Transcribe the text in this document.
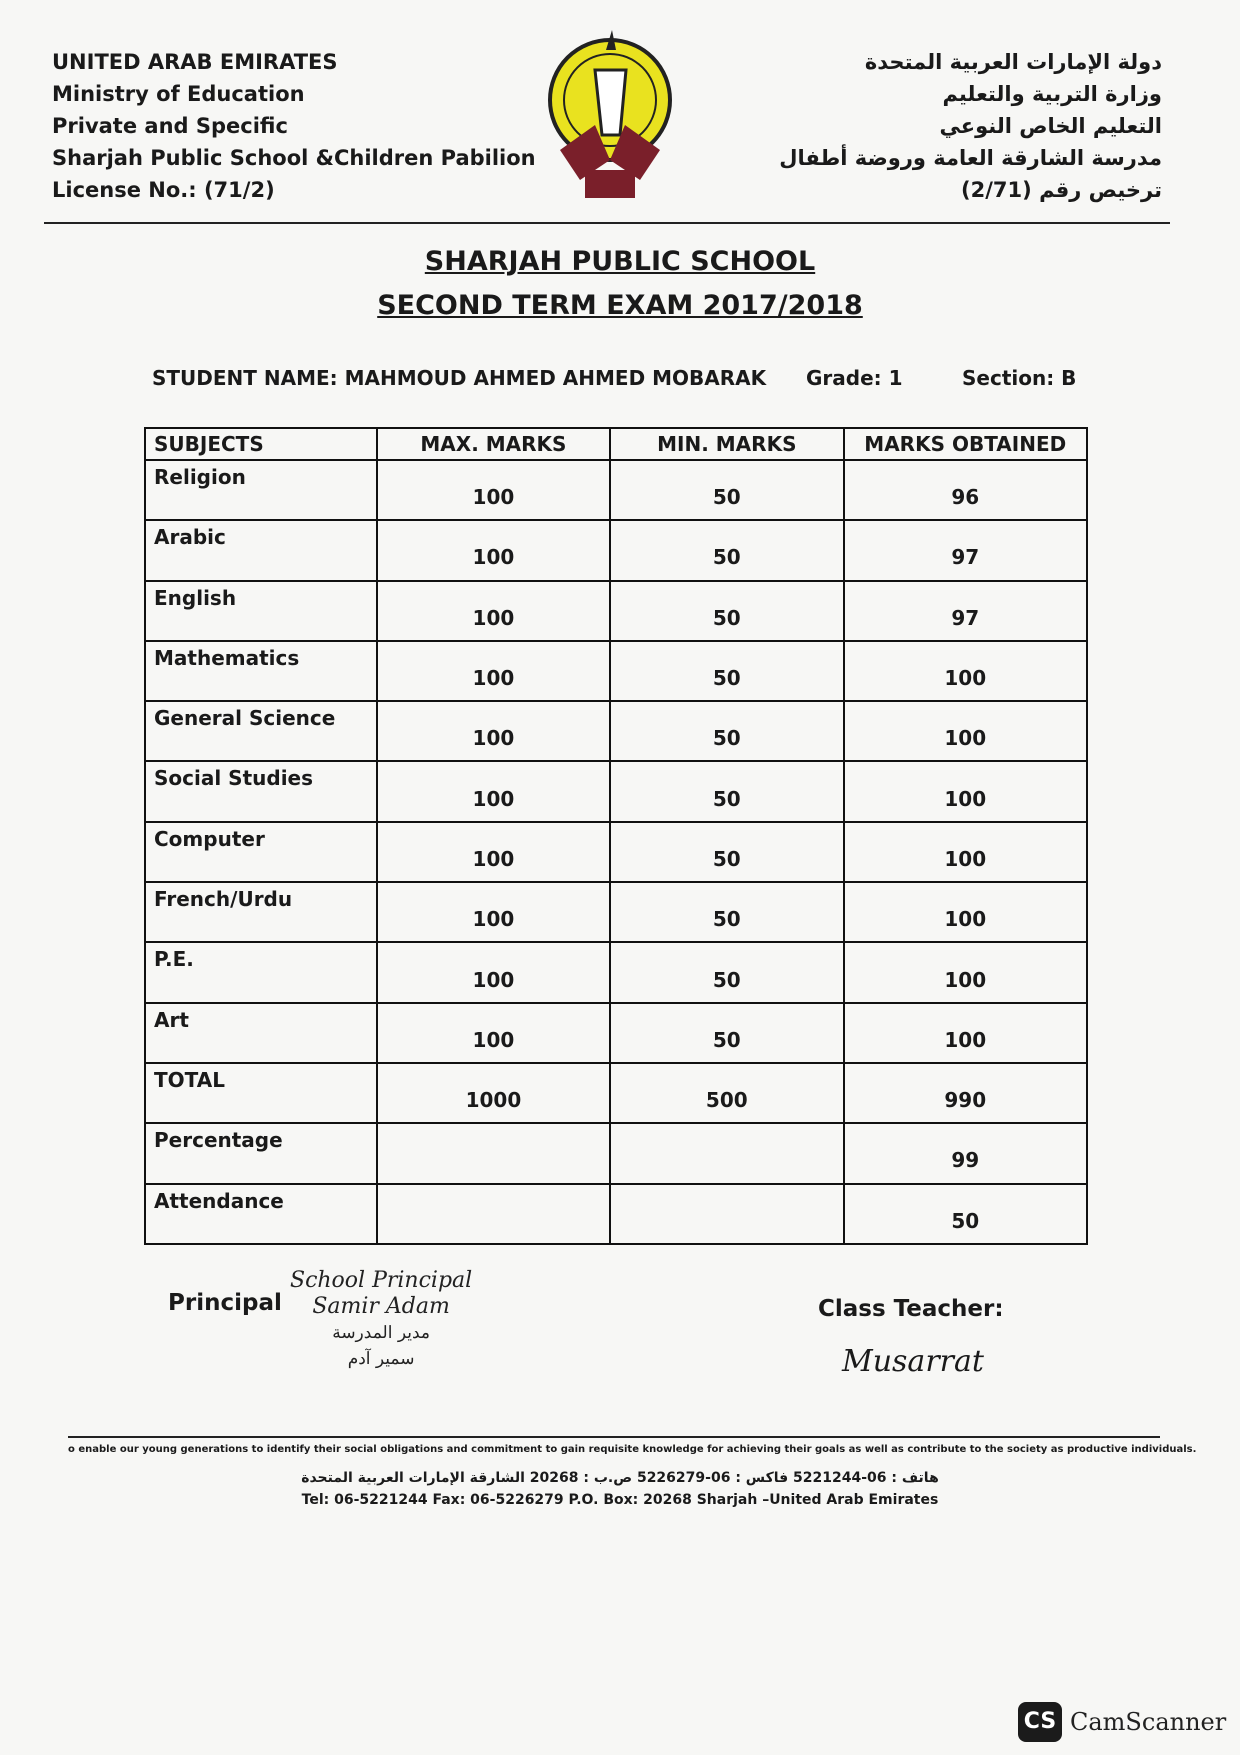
UNITED ARAB EMIRATES
Ministry of Education
Private and Specific
Sharjah Public School &Children Pabilion
License No.: (71/2)
دولة الإمارات العربية المتحدة
وزارة التربية والتعليم
التعليم الخاص النوعي
مدرسة الشارقة العامة وروضة أطفال
ترخيص رقم (2/71)
SHARJAH PUBLIC SCHOOL
SECOND TERM EXAM 2017/2018
STUDENT NAME: MAHMOUD AHMED AHMED MOBARAK Grade: 1	Section: B
SUBJECTS	MAX. MARKS	MIN. MARKS	MARKS OBTAINED
Religion	100	50	96
Arabic	100	50	97
English	100	50	97
Mathematics	100	50	100
General Science	100	50	100
Social Studies	100	50	100
Computer	100	50	100
French/Urdu	100	50	100
P.E.	100	50	100
Art	100	50	100
TOTAL	1000	500	990
Percentage			99
Attendance			50
Principal
School Principal
Samir Adam
مدير المدرسة
سمير آدم
Class Teacher:
Musarrat
o enable our young generations to identify their social obligations and commitment to gain requisite knowledge for achieving their goals as well as contribute to the society as productive individuals.
هاتف : 06-5221244 فاكس : 06-5226279 ص.ب : 20268 الشارقة الإمارات العربية المتحدة
Tel: 06-5221244 Fax: 06-5226279 P.O. Box: 20268 Sharjah –United Arab Emirates
CS CamScanner
